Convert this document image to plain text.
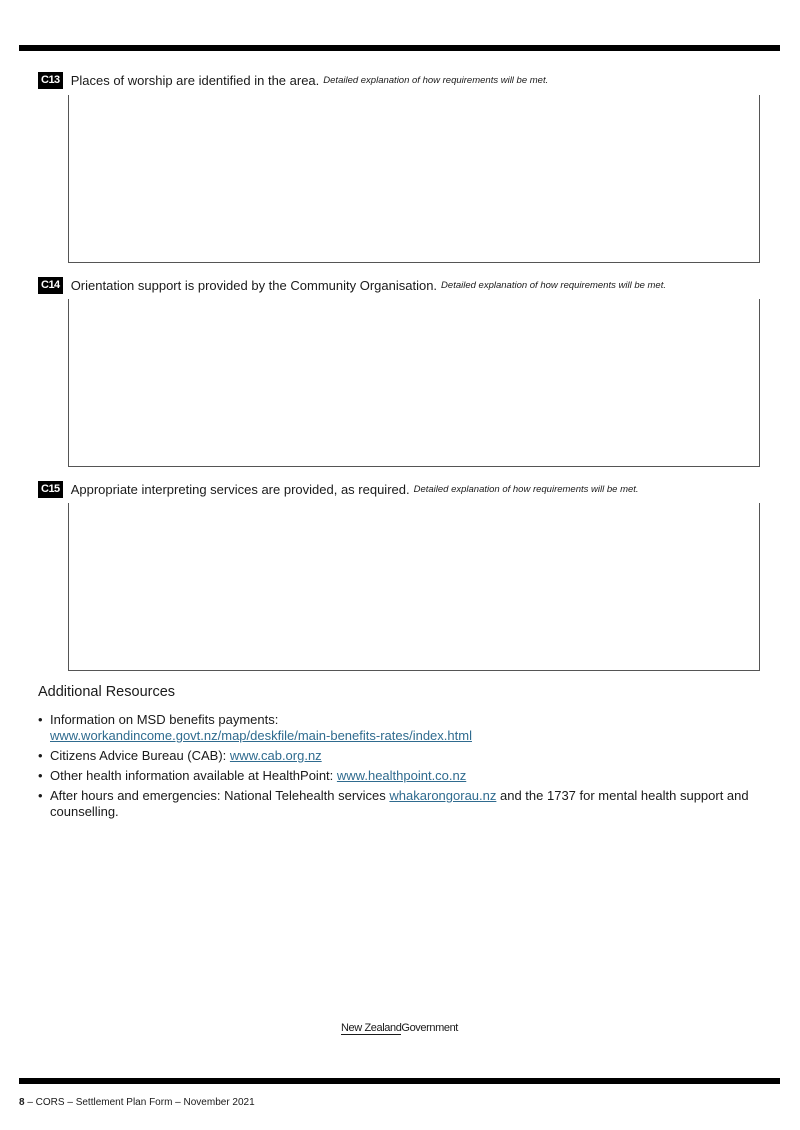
C13 Places of worship are identified in the area. Detailed explanation of how requirements will be met.
C14 Orientation support is provided by the Community Organisation. Detailed explanation of how requirements will be met.
C15 Appropriate interpreting services are provided, as required. Detailed explanation of how requirements will be met.
Additional Resources
• Information on MSD benefits payments:
www.workandincome.govt.nz/map/deskfile/main-benefits-rates/index.html
• Citizens Advice Bureau (CAB): www.cab.org.nz
• Other health information available at HealthPoint: www.healthpoint.co.nz
• After hours and emergencies: National Telehealth services whakarongorau.nz and the 1737 for mental health support and counselling.
New ZealandGovernment
8 – CORS – Settlement Plan Form – November 2021
